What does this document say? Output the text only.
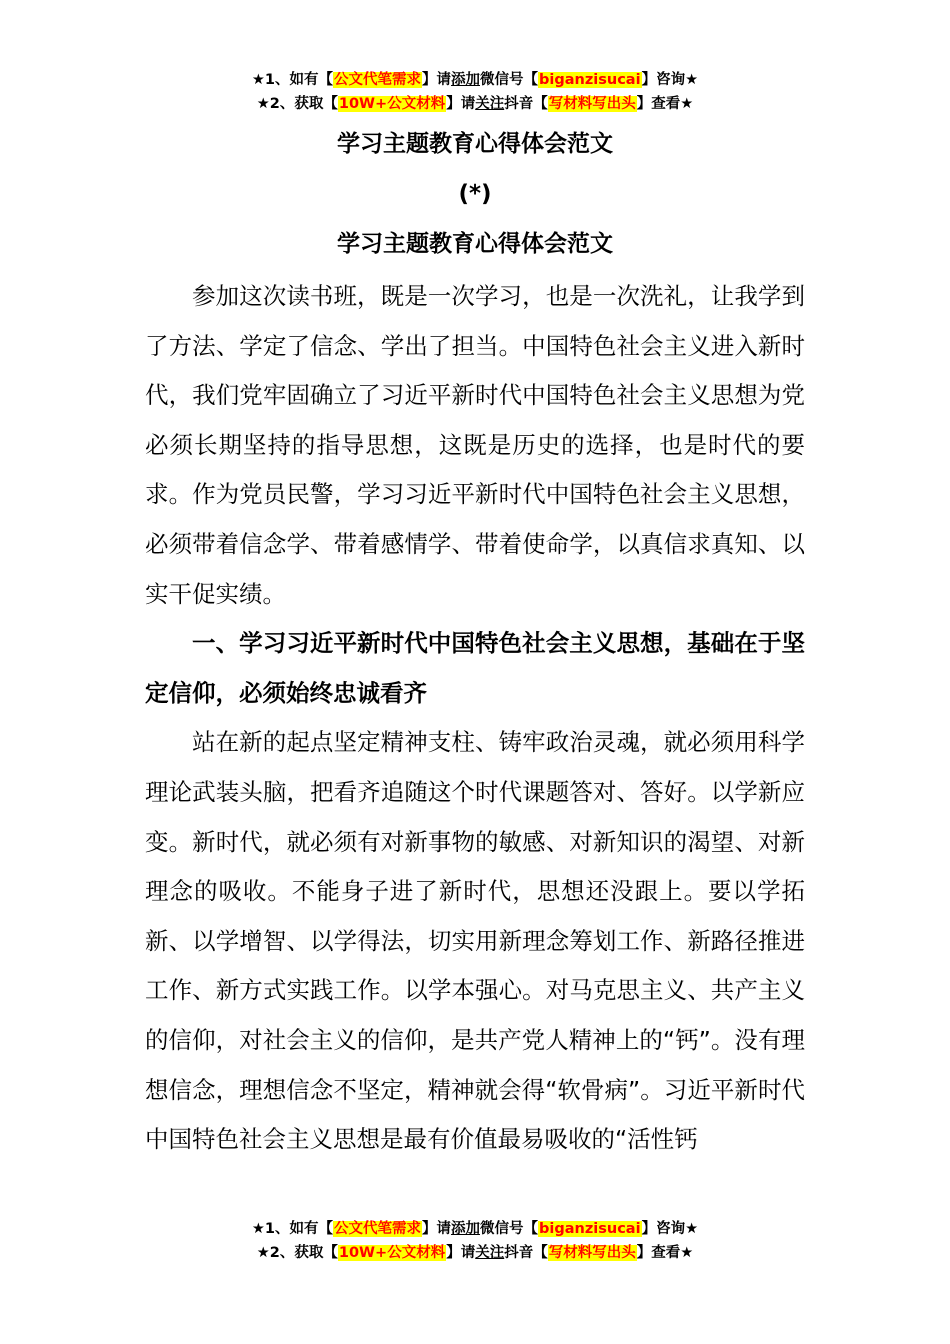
★1、如有【公文代笔需求】请添加微信号【biganzisucai】咨询★
★2、获取【10W+公文材料】请关注抖音【写材料写出头】查看★
学习主题教育心得体会范文
(*)
学习主题教育心得体会范文

参加这次读书班，既是一次学习，也是一次洗礼，让我学到了方法、学定了信念、学出了担当。中国特色社会主义进入新时代，我们党牢固确立了习近平新时代中国特色社会主义思想为党必须长期坚持的指导思想，这既是历史的选择，也是时代的要求。作为党员民警，学习习近平新时代中国特色社会主义思想，必须带着信念学、带着感情学、带着使命学，以真信求真知、以实干促实绩。

一、学习习近平新时代中国特色社会主义思想，基础在于坚定信仰，必须始终忠诚看齐

站在新的起点坚定精神支柱、铸牢政治灵魂，就必须用科学理论武装头脑，把看齐追随这个时代课题答对、答好。以学新应变。新时代，就必须有对新事物的敏感、对新知识的渴望、对新理念的吸收。不能身子进了新时代，思想还没跟上。要以学拓新、以学增智、以学得法，切实用新理念筹划工作、新路径推进工作、新方式实践工作。以学本强心。对马克思主义、共产主义的信仰，对社会主义的信仰，是共产党人精神上的“钙”。没有理想信念，理想信念不坚定，精神就会得“软骨病”。习近平新时代中国特色社会主义思想是最有价值最易吸收的“活性钙

★1、如有【公文代笔需求】请添加微信号【biganzisucai】咨询★
★2、获取【10W+公文材料】请关注抖音【写材料写出头】查看★
